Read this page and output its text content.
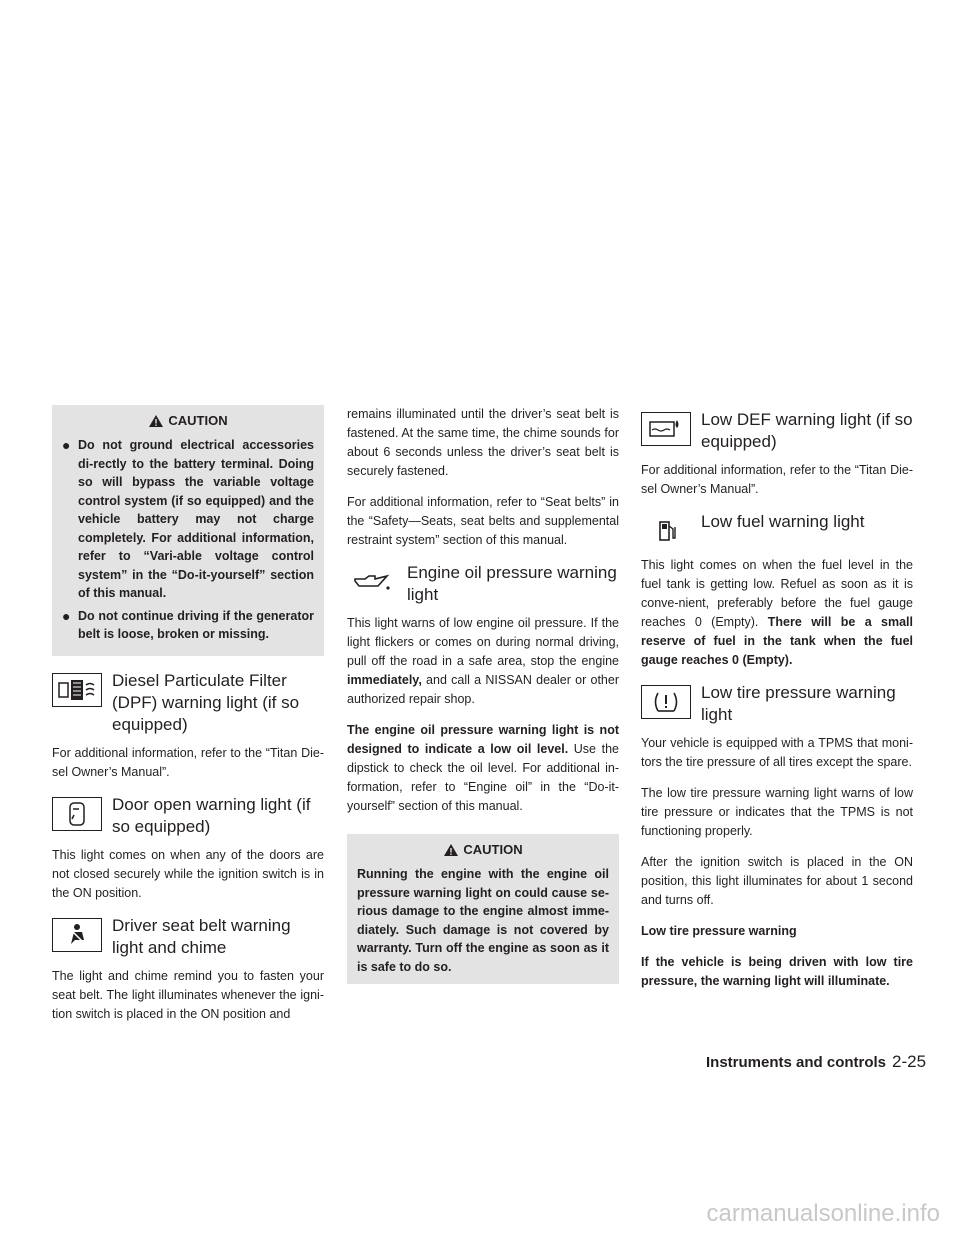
CAUTION
● Do not ground electrical accessories di-rectly to the battery terminal. Doing so will bypass the variable voltage control system (if so equipped) and the vehicle battery may not charge completely. For additional information, refer to “Vari-able voltage control system” in the “Do-it-yourself” section of this manual.
● Do not continue driving if the generator belt is loose, broken or missing.
Diesel Particulate Filter (DPF) warning light (if so equipped)

For additional information, refer to the “Titan Die-sel Owner’s Manual”.

Door open warning light (if so equipped)

This light comes on when any of the doors are not closed securely while the ignition switch is in the ON position.

Driver seat belt warning light and chime

The light and chime remind you to fasten your seat belt. The light illuminates whenever the igni-tion switch is placed in the ON position and

remains illuminated until the driver’s seat belt is fastened. At the same time, the chime sounds for about 6 seconds unless the driver’s seat belt is securely fastened.

For additional information, refer to “Seat belts” in the “Safety—Seats, seat belts and supplemental restraint system” section of this manual.

Engine oil pressure warning light

This light warns of low engine oil pressure. If the light flickers or comes on during normal driving, pull off the road in a safe area, stop the engine immediately, and call a NISSAN dealer or other authorized repair shop.

The engine oil pressure warning light is not designed to indicate a low oil level. Use the dipstick to check the oil level. For additional in-formation, refer to “Engine oil” in the “Do-it-yourself” section of this manual.

CAUTION
Running the engine with the engine oil pressure warning light on could cause se-rious damage to the engine almost imme-diately. Such damage is not covered by warranty. Turn off the engine as soon as it is safe to do so.
Low DEF warning light (if so equipped)

For additional information, refer to the “Titan Die-sel Owner’s Manual”.

Low fuel warning light

This light comes on when the fuel level in the fuel tank is getting low. Refuel as soon as it is conve-nient, preferably before the fuel gauge reaches 0 (Empty). There will be a small reserve of fuel in the tank when the fuel gauge reaches 0 (Empty).

Low tire pressure warning light

Your vehicle is equipped with a TPMS that moni-tors the tire pressure of all tires except the spare.

The low tire pressure warning light warns of low tire pressure or indicates that the TPMS is not functioning properly.

After the ignition switch is placed in the ON position, this light illuminates for about 1 second and turns off.

Low tire pressure warning

If the vehicle is being driven with low tire pressure, the warning light will illuminate.

Instruments and controls 2-25
carmanualsonline.info
